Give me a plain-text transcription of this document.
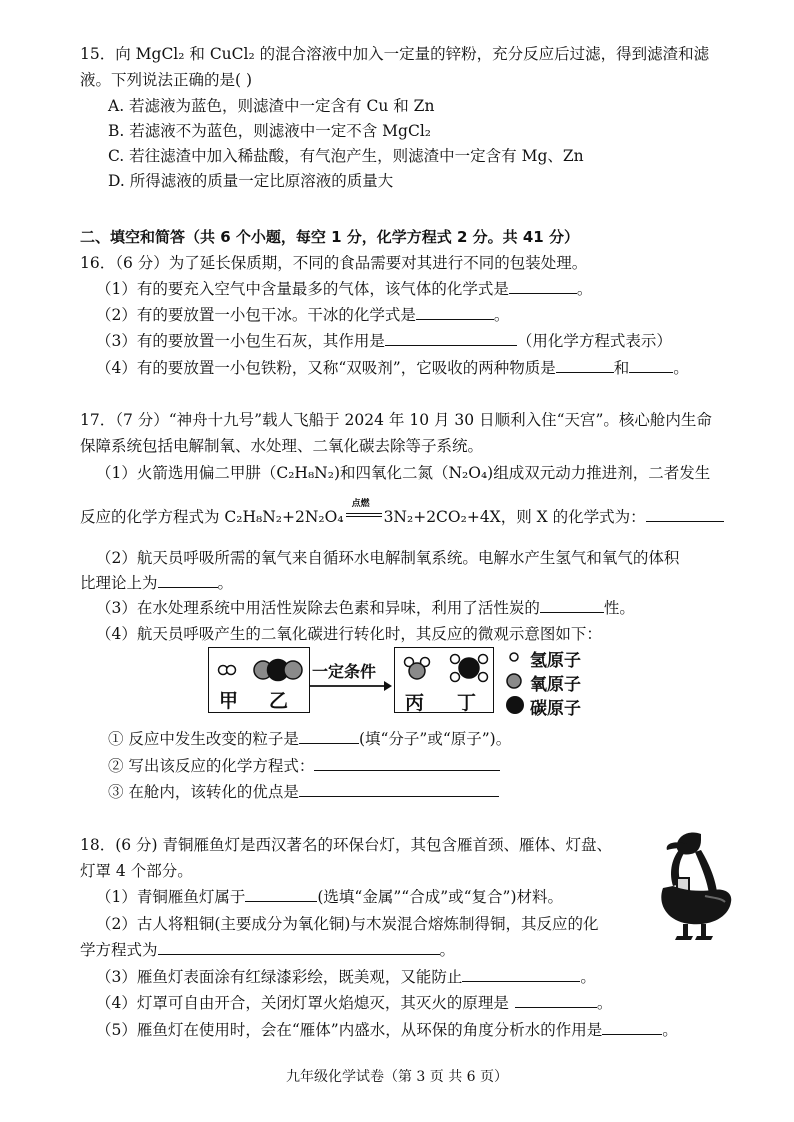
15．向 MgCl₂ 和 CuCl₂ 的混合溶液中加入一定量的锌粉，充分反应后过滤，得到滤渣和滤
液。下列说法正确的是( )
A. 若滤液为蓝色，则滤渣中一定含有 Cu 和 Zn
B. 若滤液不为蓝色，则滤液中一定不含 MgCl₂
C. 若往滤渣中加入稀盐酸，有气泡产生，则滤渣中一定含有 Mg、Zn
D. 所得滤液的质量一定比原溶液的质量大
二、填空和简答（共 6 个小题，每空 1 分，化学方程式 2 分。共 41 分）
16．（6 分）为了延长保质期，不同的食品需要对其进行不同的包装处理。
（1）有的要充入空气中含量最多的气体，该气体的化学式是	。
（2）有的要放置一小包干冰。干冰的化学式是	。
（3）有的要放置一小包生石灰，其作用是	（用化学方程式表示）
（4）有的要放置一小包铁粉，又称“双吸剂”，它吸收的两种物质是	和	。
17．（7 分）“神舟十九号”载人飞船于 2024 年 10 月 30 日顺利入住“天宫”。核心舱内生命
保障系统包括电解制氧、水处理、二氧化碳去除等子系统。
（1）火箭选用偏二甲肼（C₂H₈N₂)和四氧化二氮（N₂O₄)组成双元动力推进剂，二者发生
反应的化学方程式为 C₂H₈N₂+2N₂O₄
点燃
3N₂+2CO₂+4X，则 X 的化学式为：
（2）航天员呼吸所需的氧气来自循环水电解制氧系统。电解水产生氢气和氧气的体积
比理论上为	。
（3）在水处理系统中用活性炭除去色素和异味，利用了活性炭的	性。
（4）航天员呼吸产生的二氧化碳进行转化时，其反应的微观示意图如下：
甲 乙
一定条件
丙 丁
氢原子
氧原子
碳原子
① 反应中发生改变的粒子是	(填“分子”或“原子”)。
② 写出该反应的化学方程式：
③ 在舱内，该转化的优点是
18．(6 分) 青铜雁鱼灯是西汉著名的环保台灯，其包含雁首颈、雁体、灯盘、
灯罩 4 个部分。
（1）青铜雁鱼灯属于	(选填“金属”“合成”或“复合”)材料。
（2）古人将粗铜(主要成分为氧化铜)与木炭混合熔炼制得铜，其反应的化
学方程式为	。
（3）雁鱼灯表面涂有红绿漆彩绘，既美观，又能防止	。
（4）灯罩可自由开合，关闭灯罩火焰熄灭，其灭火的原理是	。
（5）雁鱼灯在使用时，会在“雁体”内盛水，从环保的角度分析水的作用是	。
九年级化学试卷（第 3 页 共 6 页）
